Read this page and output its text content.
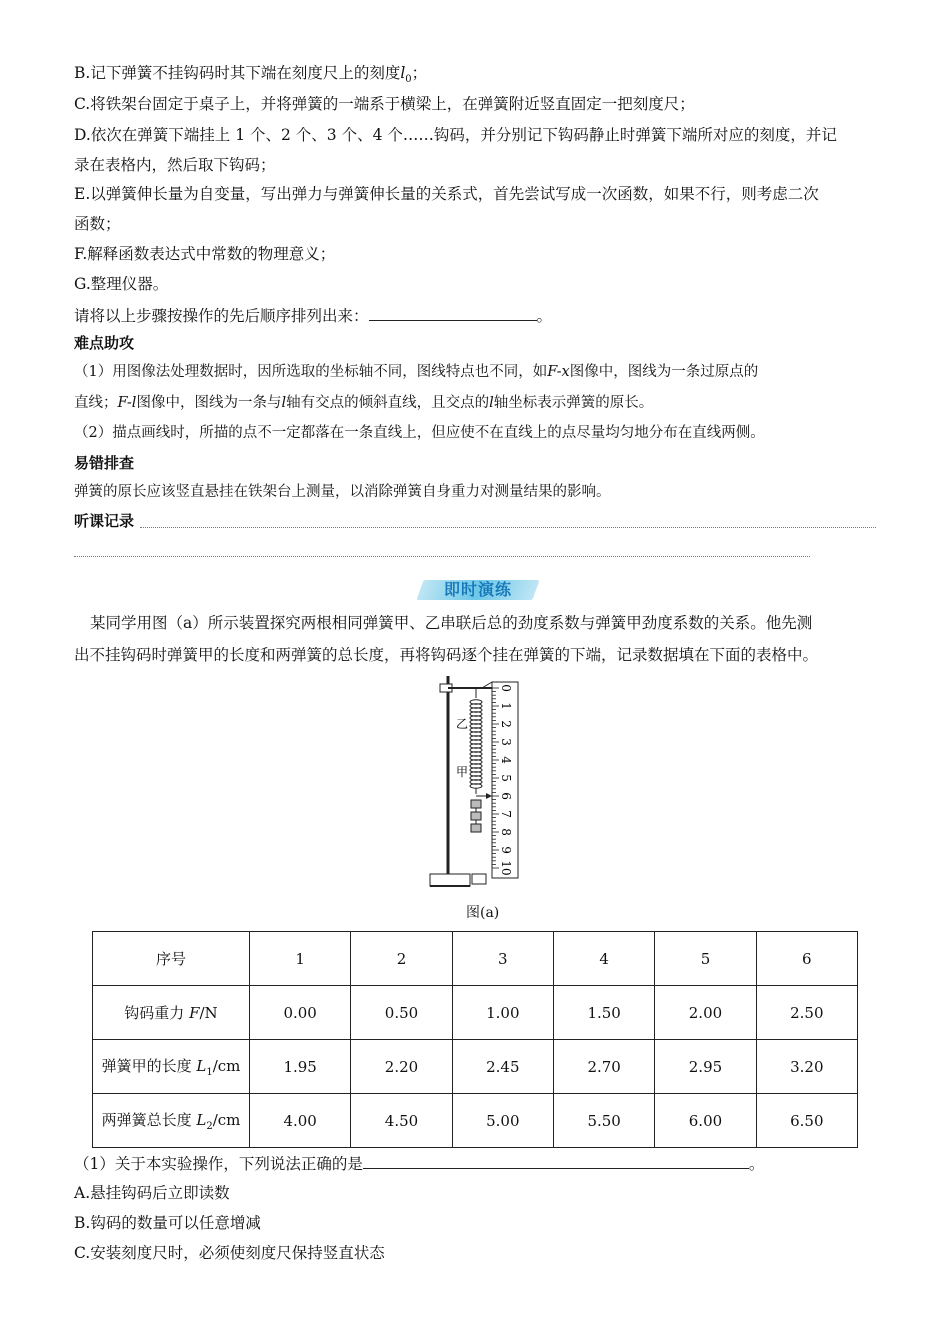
B.记下弹簧不挂钩码时其下端在刻度尺上的刻度$l_0$；
C.将铁架台固定于桌子上，并将弹簧的一端系于横梁上，在弹簧附近竖直固定一把刻度尺；
D.依次在弹簧下端挂上 1 个、2 个、3 个、4 个……钩码，并分别记下钩码静止时弹簧下端所对应的刻度，并记
录在表格内，然后取下钩码；
E.以弹簧伸长量为自变量，写出弹力与弹簧伸长量的关系式，首先尝试写成一次函数，如果不行，则考虑二次
函数；
F.解释函数表达式中常数的物理意义；
G.整理仪器。
请将以上步骤按操作的先后顺序排列出来：	。
难点助攻
（1）用图像法处理数据时，因所选取的坐标轴不同，图线特点也不同，如F-x图像中，图线为一条过原点的
直线；F-l图像中，图线为一条与l轴有交点的倾斜直线，且交点的l轴坐标表示弹簧的原长。
（2）描点画线时，所描的点不一定都落在一条直线上，但应使不在直线上的点尽量均匀地分布在直线两侧。
易错排查
弹簧的原长应该竖直悬挂在铁架台上测量，以消除弹簧自身重力对测量结果的影响。
听课记录
即时演练
某同学用图（a）所示装置探究两根相同弹簧甲、乙串联后总的劲度系数与弹簧甲劲度系数的关系。他先测
出不挂钩码时弹簧甲的长度和两弹簧的总长度，再将钩码逐个挂在弹簧的下端，记录数据填在下面的表格中。
0
1
2
3
4
5
6
7
8
9
10
乙
甲
图(a)
序号	1	2	3	4	5	6
钩码重力 F/N	0.00	0.50	1.00	1.50	2.00	2.50
弹簧甲的长度 $L_1/cm$	1.95	2.20	2.45	2.70	2.95	3.20
两弹簧总长度 $L_2/cm$	4.00	4.50	5.00	5.50	6.00	6.50
（1）关于本实验操作，下列说法正确的是	。
A.悬挂钩码后立即读数
B.钩码的数量可以任意增减
C.安装刻度尺时，必须使刻度尺保持竖直状态
